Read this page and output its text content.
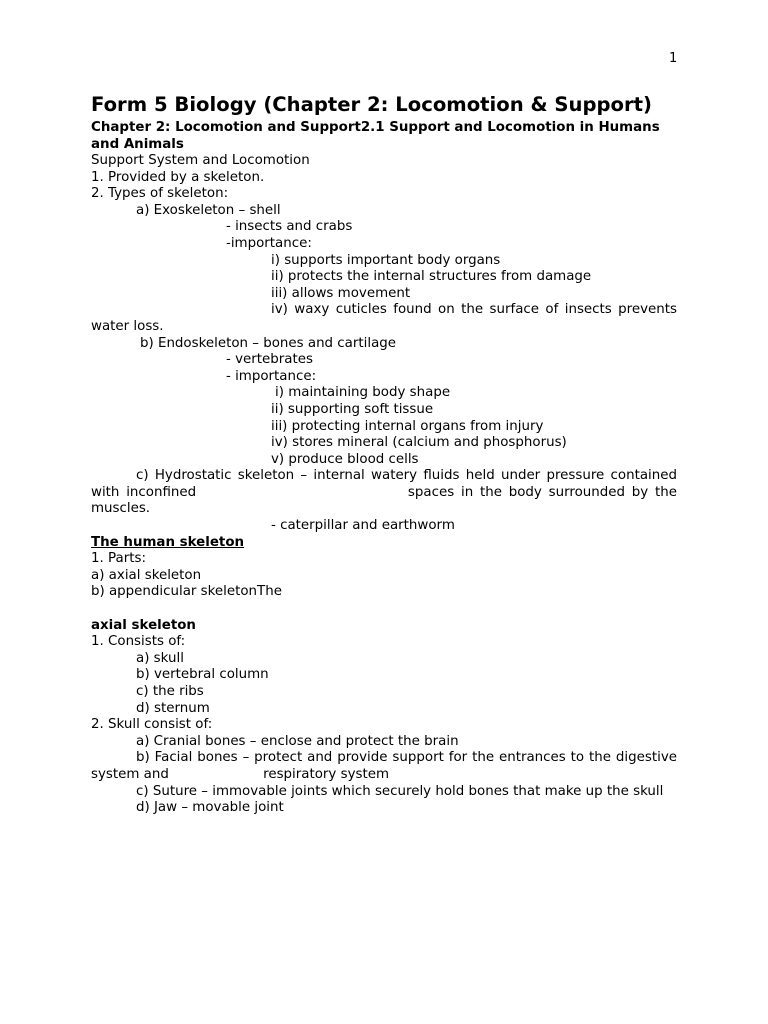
1
Form 5 Biology (Chapter 2: Locomotion & Support)
Chapter 2: Locomotion and Support2.1 Support and Locomotion in Humans and Animals
Support System and Locomotion
1. Provided by a skeleton.
2. Types of skeleton:
a) Exoskeleton – shell
- insects and crabs
-importance:
i) supports important body organs
ii) protects the internal structures from damage
iii) allows movement
iv) waxy cuticles found on the surface of insects prevents water loss.
b) Endoskeleton – bones and cartilage
- vertebrates
- importance:
i) maintaining body shape
ii) supporting soft tissue
iii) protecting internal organs from injury
iv) stores mineral (calcium and phosphorus)
v) produce blood cells
c) Hydrostatic skeleton – internal watery fluids held under pressure contained with inconfined	spaces in the body surrounded by the muscles.
- caterpillar and earthworm
The human skeleton
1. Parts:
a) axial skeleton
b) appendicular skeletonThe
axial skeleton
1. Consists of:
a) skull
b) vertebral column
c) the ribs
d) sternum
2. Skull consist of:
a) Cranial bones – enclose and protect the brain
b) Facial bones – protect and provide support for the entrances to the digestive system and	respiratory system
c) Suture – immovable joints which securely hold bones that make up the skull
d) Jaw – movable joint
